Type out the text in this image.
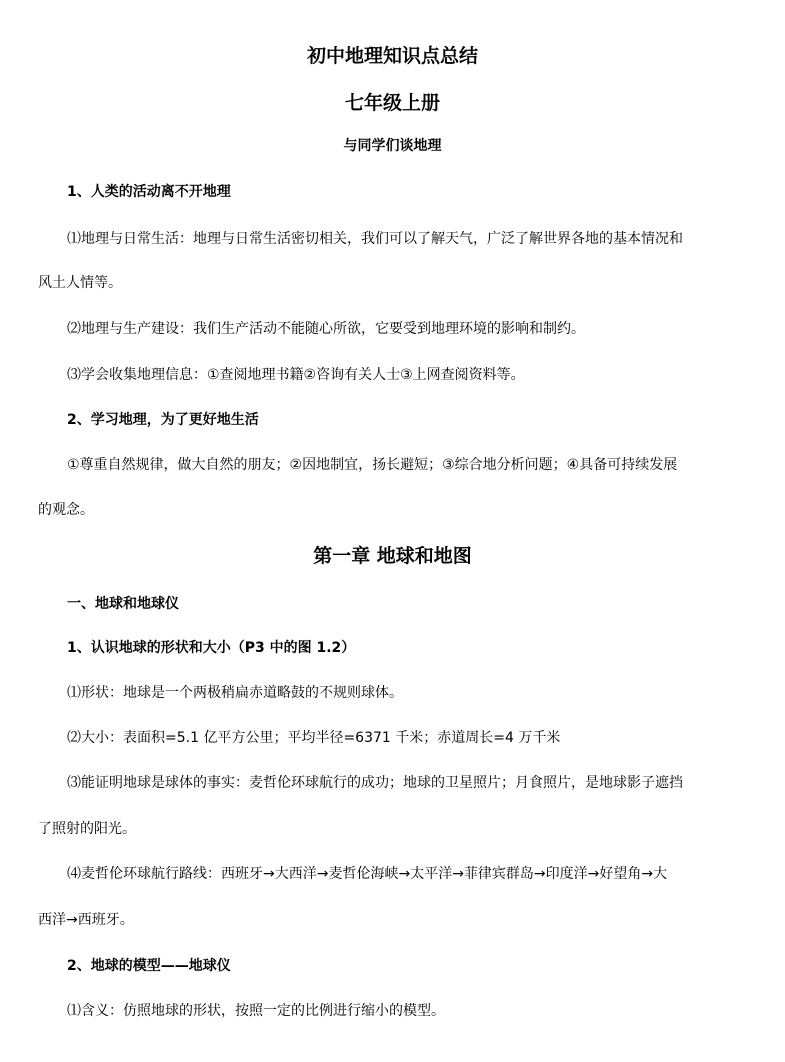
初中地理知识点总结
七年级上册
与同学们谈地理
1、人类的活动离不开地理
⑴地理与日常生活：地理与日常生活密切相关，我们可以了解天气，广泛了解世界各地的基本情况和
风土人情等。
⑵地理与生产建设：我们生产活动不能随心所欲，它要受到地理环境的影响和制约。
⑶学会收集地理信息：①查阅地理书籍②咨询有关人士③上网查阅资料等。
2、学习地理，为了更好地生活
①尊重自然规律，做大自然的朋友；②因地制宜，扬长避短；③综合地分析问题；④具备可持续发展
的观念。
第一章 地球和地图
一、地球和地球仪
1、认识地球的形状和大小（P3 中的图 1.2）
⑴形状：地球是一个两极稍扁赤道略鼓的不规则球体。
⑵大小：表面积=5.1 亿平方公里；平均半径=6371 千米；赤道周长=4 万千米
⑶能证明地球是球体的事实：麦哲伦环球航行的成功；地球的卫星照片；月食照片，是地球影子遮挡
了照射的阳光。
⑷麦哲伦环球航行路线：西班牙→大西洋→麦哲伦海峡→太平洋→菲律宾群岛→印度洋→好望角→大
西洋→西班牙。
2、地球的模型——地球仪
⑴含义：仿照地球的形状，按照一定的比例进行缩小的模型。
